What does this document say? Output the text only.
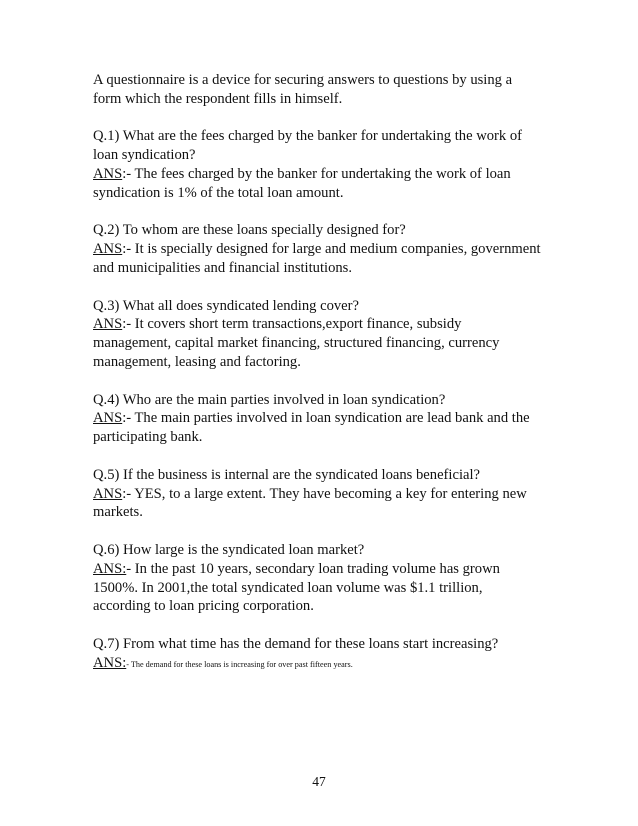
A questionnaire is a device for securing answers to questions by using a
form which the respondent fills in himself.

Q.1) What are the fees charged by the banker for undertaking the work of
loan syndication?
ANS:- The fees charged by the banker for undertaking the work of loan
syndication is 1% of the total loan amount.

Q.2) To whom are these loans specially designed for?
ANS:- It is specially designed for large and medium companies, government
and municipalities and financial institutions.

Q.3) What all does syndicated lending cover?
ANS:- It covers short term transactions,export finance, subsidy
management, capital market financing, structured financing, currency
management, leasing and factoring.

Q.4) Who are the main parties involved in loan syndication?
ANS:- The main parties involved in loan syndication are lead bank and the
participating bank.

Q.5) If the business is internal are the syndicated loans beneficial?
ANS:- YES, to a large extent. They have becoming a key for entering new
markets.

Q.6) How large is the syndicated loan market?
ANS:- In the past 10 years, secondary loan trading volume has grown
1500%. In 2001,the total syndicated loan volume was $1.1 trillion,
according to loan pricing corporation.

Q.7) From what time has the demand for these loans start increasing?
ANS:- The demand for these loans is increasing for over past fifteen years.

47
